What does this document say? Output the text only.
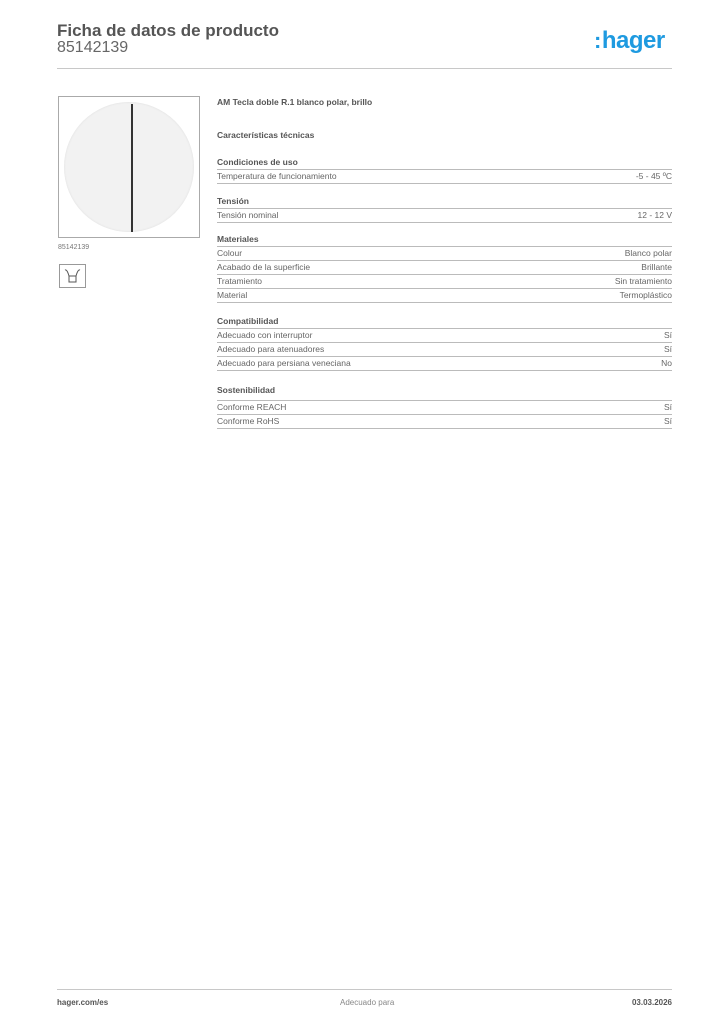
Ficha de datos de producto
85142139	:hager
85142139
AM Tecla doble R.1 blanco polar, brillo
Características técnicas
Condiciones de uso
Temperatura de funcionamiento	-5 - 45 ºC
Tensión
Tensión nominal	12 - 12 V
Materiales
Colour	Blanco polar
Acabado de la superficie	Brillante
Tratamiento	Sin tratamiento
Material	Termoplástico
Compatibilidad
Adecuado con interruptor	Sí
Adecuado para atenuadores	Sí
Adecuado para persiana veneciana	No
Sostenibilidad
Conforme REACH	Sí
Conforme RoHS	Sí
hager.com/es	Adecuado para	03.03.2026
